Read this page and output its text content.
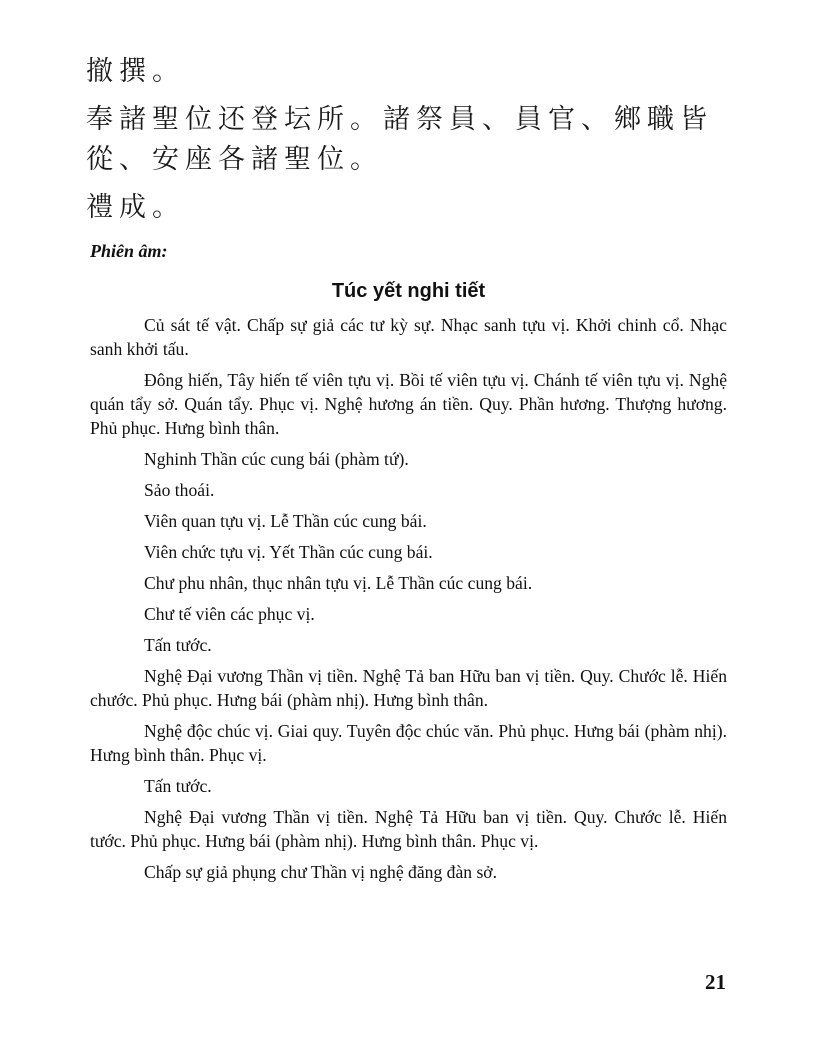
撤撰。

奉諸聖位还登坛所。諸祭員、員官、鄉職皆

從、安座各諸聖位。

禮成。

Phiên âm:

Túc yết nghi tiết

Củ sát tế vật. Chấp sự giả các tư kỳ sự. Nhạc sanh tựu vị. Khởi chinh cổ. Nhạc sanh khởi tấu.

Đông hiến, Tây hiến tế viên tựu vị. Bồi tế viên tựu vị. Chánh tế viên tựu vị. Nghệ quán tẩy sở. Quán tẩy. Phục vị. Nghệ hương án tiền. Quy. Phần hương. Thượng hương. Phủ phục. Hưng bình thân.

Nghinh Thần cúc cung bái (phàm tứ).

Sảo thoái.

Viên quan tựu vị. Lễ Thần cúc cung bái.

Viên chức tựu vị. Yết Thần cúc cung bái.

Chư phu nhân, thục nhân tựu vị. Lễ Thần cúc cung bái.

Chư tế viên các phục vị.

Tấn tước.

Nghệ Đại vương Thần vị tiền. Nghệ Tả ban Hữu ban vị tiền. Quy. Chước lễ. Hiến chước. Phủ phục. Hưng bái (phàm nhị). Hưng bình thân.

Nghệ độc chúc vị. Giai quy. Tuyên độc chúc văn. Phủ phục. Hưng bái (phàm nhị). Hưng bình thân. Phục vị.

Tấn tước.

Nghệ Đại vương Thần vị tiền. Nghệ Tả Hữu ban vị tiền. Quy. Chước lễ. Hiến tước. Phủ phục. Hưng bái (phàm nhị). Hưng bình thân. Phục vị.

Chấp sự giả phụng chư Thần vị nghệ đăng đàn sở.

21
